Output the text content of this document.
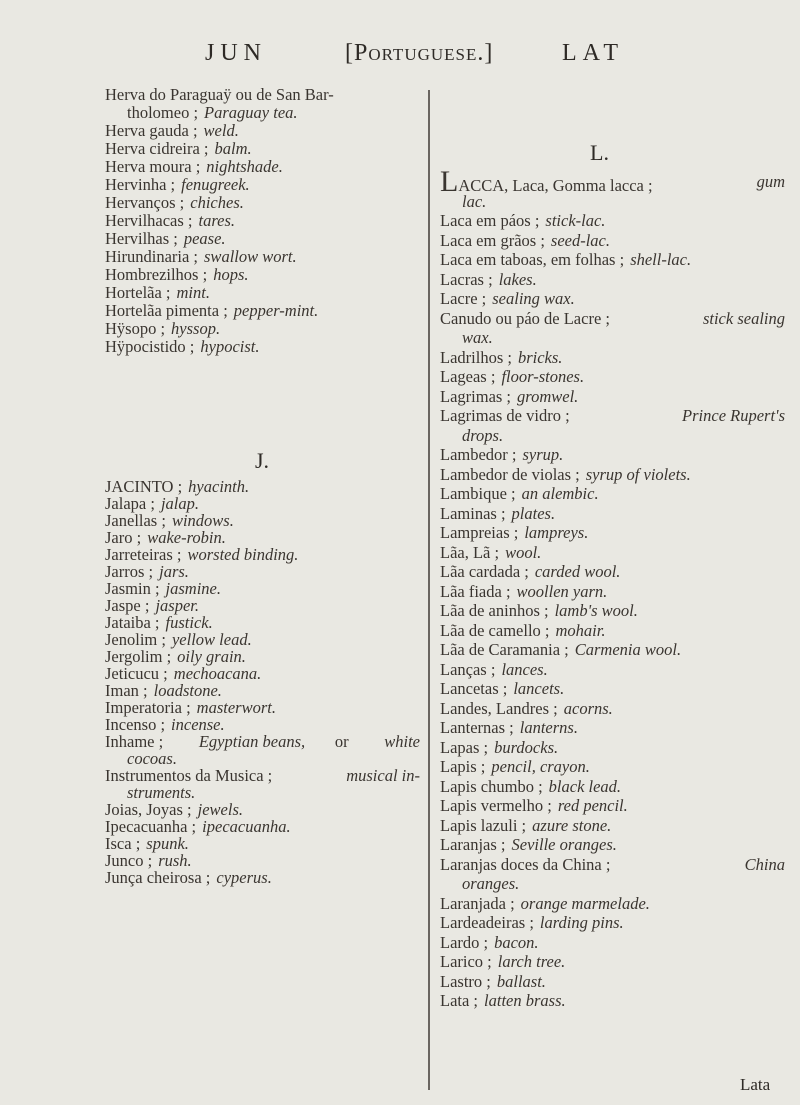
JUN	[Portuguese.]	LAT
Herva do Paraguaÿ ou de San Bar-
tholomeo ; Paraguay tea.
Herva gauda ; weld.
Herva cidreira ; balm.
Herva moura ; nightshade.
Hervinha ; fenugreek.
Hervanços ; chiches.
Hervilhacas ; tares.
Hervilhas ; pease.
Hirundinaria ; swallow wort.
Hombrezilhos ; hops.
Hortelãa ; mint.
Hortelãa pimenta ; pepper-mint.
Hÿsopo ; hyssop.
Hÿpocistido ; hypocist.
J.
JACINTO ; hyacinth.
Jalapa ; jalap.
Janellas ; windows.
Jaro ; wake-robin.
Jarreteiras ; worsted binding.
Jarros ; jars.
Jasmin ; jasmine.
Jaspe ; jasper.
Jataiba ; fustick.
Jenolim ; yellow lead.
Jergolim ; oily grain.
Jeticucu ; mechoacana.
Iman ; loadstone.
Imperatoria ; masterwort.
Incenso ; incense.
Inhame ; Egyptian beans, or white
cocoas.
Instrumentos da Musica ;	musical in-
struments.
Joias, Joyas ; jewels.
Ipecacuanha ; ipecacuanha.
Isca ; spunk.
Junco ; rush.
Junça cheirosa ; cyperus.
L.
LACCA, Laca, Gomma lacca ;	gum
lac.
Laca em páos ; stick-lac.
Laca em grãos ; seed-lac.
Laca em taboas, em folhas ; shell-lac.
Lacras ; lakes.
Lacre ; sealing wax.
Canudo ou páo de Lacre ;	stick sealing
wax.
Ladrilhos ; bricks.
Lageas ; floor-stones.
Lagrimas ; gromwel.
Lagrimas de vidro ;	Prince Rupert's
drops.
Lambedor ; syrup.
Lambedor de violas ; syrup of violets.
Lambique ; an alembic.
Laminas ; plates.
Lampreias ; lampreys.
Lãa, Lã ; wool.
Lãa cardada ; carded wool.
Lãa fiada ; woollen yarn.
Lãa de aninhos ; lamb's wool.
Lãa de camello ; mohair.
Lãa de Caramania ; Carmenia wool.
Lanças ; lances.
Lancetas ; lancets.
Landes, Landres ; acorns.
Lanternas ; lanterns.
Lapas ; burdocks.
Lapis ; pencil, crayon.
Lapis chumbo ; black lead.
Lapis vermelho ; red pencil.
Lapis lazuli ; azure stone.
Laranjas ; Seville oranges.
Laranjas doces da China ;	China
oranges.
Laranjada ; orange marmelade.
Lardeadeiras ; larding pins.
Lardo ; bacon.
Larico ; larch tree.
Lastro ; ballast.
Lata ; latten brass.
Lata
